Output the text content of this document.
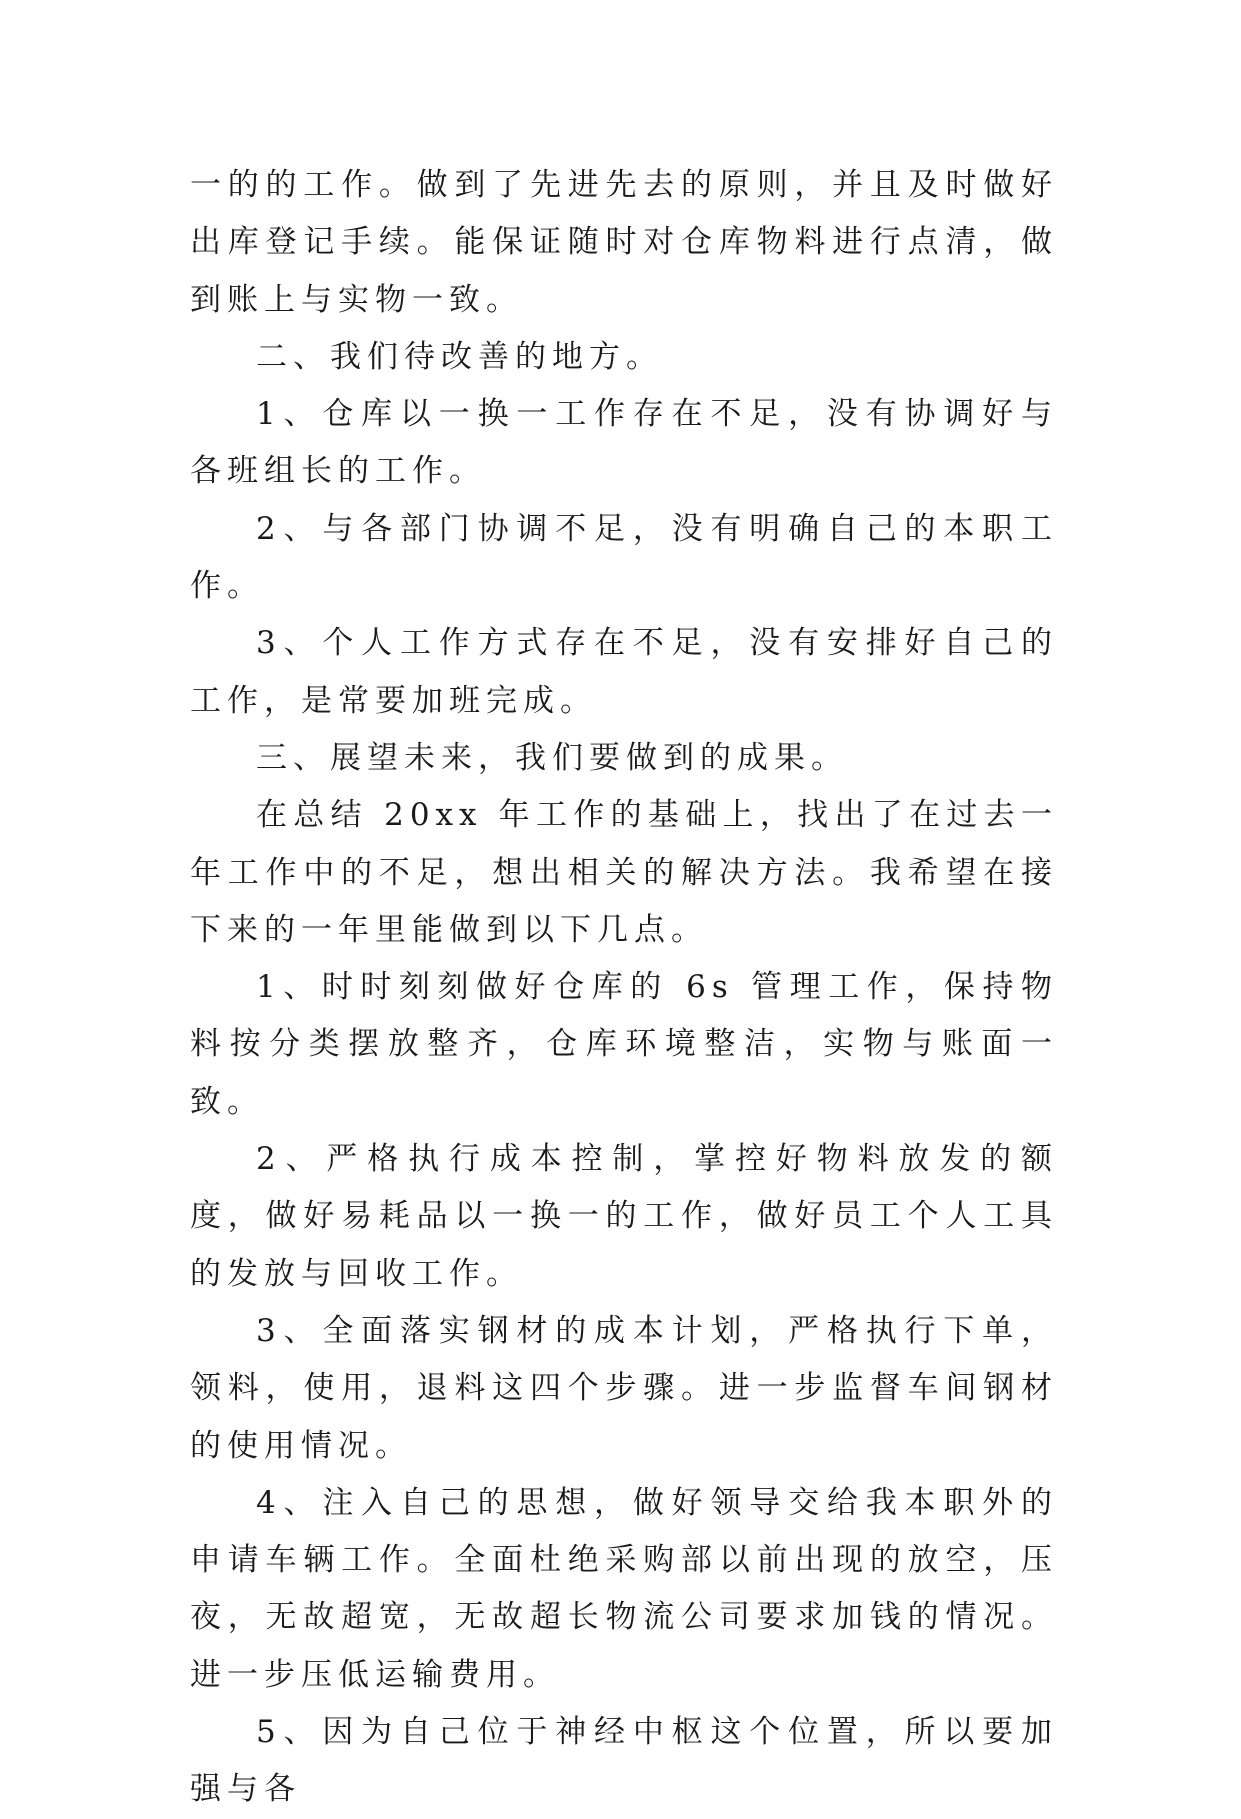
一的的工作。做到了先进先去的原则，并且及时做好出库登记手续。能保证随时对仓库物料进行点清，做到账上与实物一致。

二、我们待改善的地方。

1、仓库以一换一工作存在不足，没有协调好与各班组长的工作。

2、与各部门协调不足，没有明确自己的本职工作。

3、个人工作方式存在不足，没有安排好自己的工作，是常要加班完成。

三、展望未来，我们要做到的成果。

在总结 20xx 年工作的基础上，找出了在过去一年工作中的不足，想出相关的解决方法。我希望在接下来的一年里能做到以下几点。

1、时时刻刻做好仓库的 6s 管理工作，保持物料按分类摆放整齐，仓库环境整洁，实物与账面一致。

2、严格执行成本控制，掌控好物料放发的额度，做好易耗品以一换一的工作，做好员工个人工具的发放与回收工作。

3、全面落实钢材的成本计划，严格执行下单，领料，使用，退料这四个步骤。进一步监督车间钢材的使用情况。

4、注入自己的思想，做好领导交给我本职外的申请车辆工作。全面杜绝采购部以前出现的放空，压夜，无故超宽，无故超长物流公司要求加钱的情况。进一步压低运输费用。

5、因为自己位于神经中枢这个位置，所以要加强与各
